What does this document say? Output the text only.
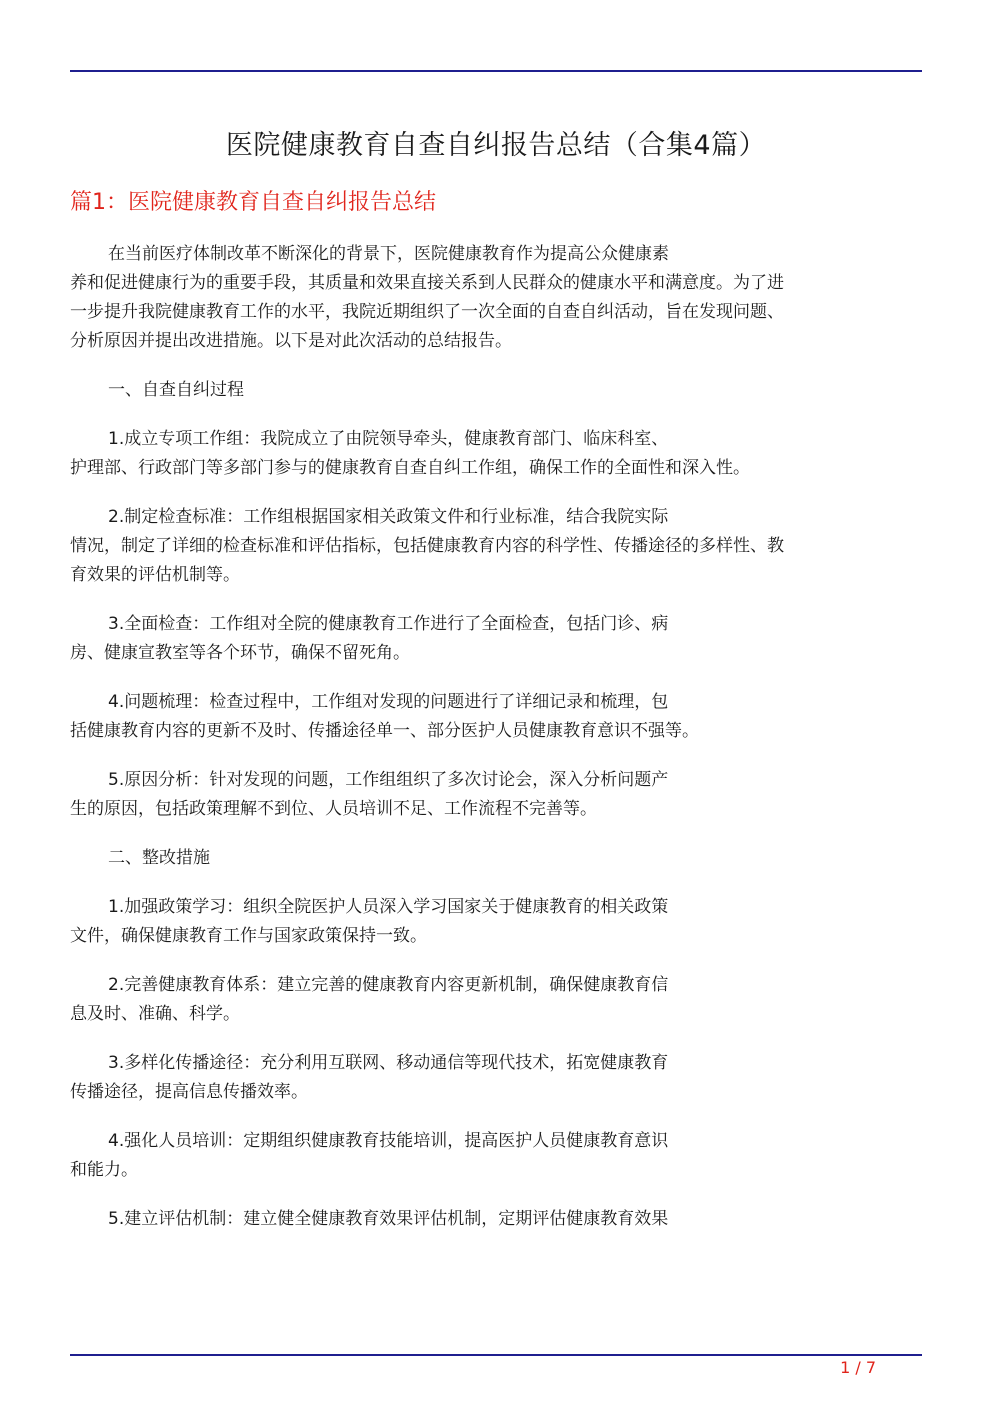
医院健康教育自查自纠报告总结（合集4篇）
篇1：医院健康教育自查自纠报告总结

在当前医疗体制改革不断深化的背景下，医院健康教育作为提高公众健康素
养和促进健康行为的重要手段，其质量和效果直接关系到人民群众的健康水平和满意度。为了进
一步提升我院健康教育工作的水平，我院近期组织了一次全面的自查自纠活动，旨在发现问题、
分析原因并提出改进措施。以下是对此次活动的总结报告。

一、自查自纠过程

1.成立专项工作组：我院成立了由院领导牵头，健康教育部门、临床科室、
护理部、行政部门等多部门参与的健康教育自查自纠工作组，确保工作的全面性和深入性。

2.制定检查标准：工作组根据国家相关政策文件和行业标准，结合我院实际
情况，制定了详细的检查标准和评估指标，包括健康教育内容的科学性、传播途径的多样性、教
育效果的评估机制等。

3.全面检查：工作组对全院的健康教育工作进行了全面检查，包括门诊、病
房、健康宣教室等各个环节，确保不留死角。

4.问题梳理：检查过程中，工作组对发现的问题进行了详细记录和梳理，包
括健康教育内容的更新不及时、传播途径单一、部分医护人员健康教育意识不强等。

5.原因分析：针对发现的问题，工作组组织了多次讨论会，深入分析问题产
生的原因，包括政策理解不到位、人员培训不足、工作流程不完善等。

二、整改措施

1.加强政策学习：组织全院医护人员深入学习国家关于健康教育的相关政策
文件，确保健康教育工作与国家政策保持一致。

2.完善健康教育体系：建立完善的健康教育内容更新机制，确保健康教育信
息及时、准确、科学。

3.多样化传播途径：充分利用互联网、移动通信等现代技术，拓宽健康教育
传播途径，提高信息传播效率。

4.强化人员培训：定期组织健康教育技能培训，提高医护人员健康教育意识
和能力。

5.建立评估机制：建立健全健康教育效果评估机制，定期评估健康教育效果

1 / 7
